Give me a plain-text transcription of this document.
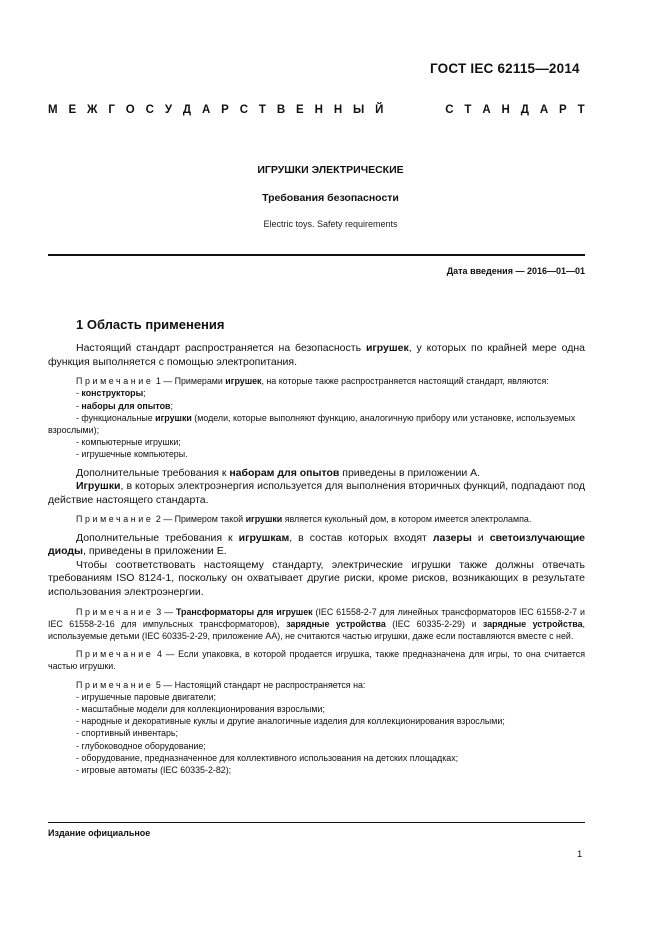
ГОСТ IEC 62115—2014
М Е Ж Г О С У Д А Р С Т В Е Н Н Ы Й	С Т А Н Д А Р Т
ИГРУШКИ ЭЛЕКТРИЧЕСКИЕ
Требования безопасности
Electric toys. Safety requirements
Дата введения — 2016—01—01
1 Область применения

Настоящий стандарт распространяется на безопасность игрушек, у которых по крайней мере одна функция выполняется с помощью электропитания.

Примечание 1 — Примерами игрушек, на которые также распространяется настоящий стандарт, являются:
- конструкторы;
- наборы для опытов;
- функциональные игрушки (модели, которые выполняют функцию, аналогичную прибору или установке, используемых взрослыми);
- компьютерные игрушки;
- игрушечные компьютеры.

Дополнительные требования к наборам для опытов приведены в приложении А.

Игрушки, в которых электроэнергия используется для выполнения вторичных функций, подпадают под действие настоящего стандарта.

Примечание 2 — Примером такой игрушки является кукольный дом, в котором имеется электролампа.

Дополнительные требования к игрушкам, в состав которых входят лазеры и светоизлучающие диоды, приведены в приложении Е.

Чтобы соответствовать настоящему стандарту, электрические игрушки также должны отвечать требованиям ISO 8124-1, поскольку он охватывает другие риски, кроме рисков, возникающих в результате использования электроэнергии.

Примечание 3 — Трансформаторы для игрушек (IEC 61558-2-7 для линейных трансформаторов IEC 61558-2-7 и IEC 61558-2-16 для импульсных трансформаторов), зарядные устройства (IEC 60335-2-29) и зарядные устройства, используемые детьми (IEC 60335-2-29, приложение АА), не считаются частью игрушки, даже если поставляются вместе с ней.
Примечание 4 — Если упаковка, в которой продается игрушка, также предназначена для игры, то она считается частью игрушки.
Примечание 5 — Настоящий стандарт не распространяется на:
- игрушечные паровые двигатели;
- масштабные модели для коллекционирования взрослыми;
- народные и декоративные куклы и другие аналогичные изделия для коллекционирования взрослыми;
- спортивный инвентарь;
- глубоководное оборудование;
- оборудование, предназначенное для коллективного использования на детских площадках;
- игровые автоматы (IEC 60335-2-82);
Издание официальное
1
